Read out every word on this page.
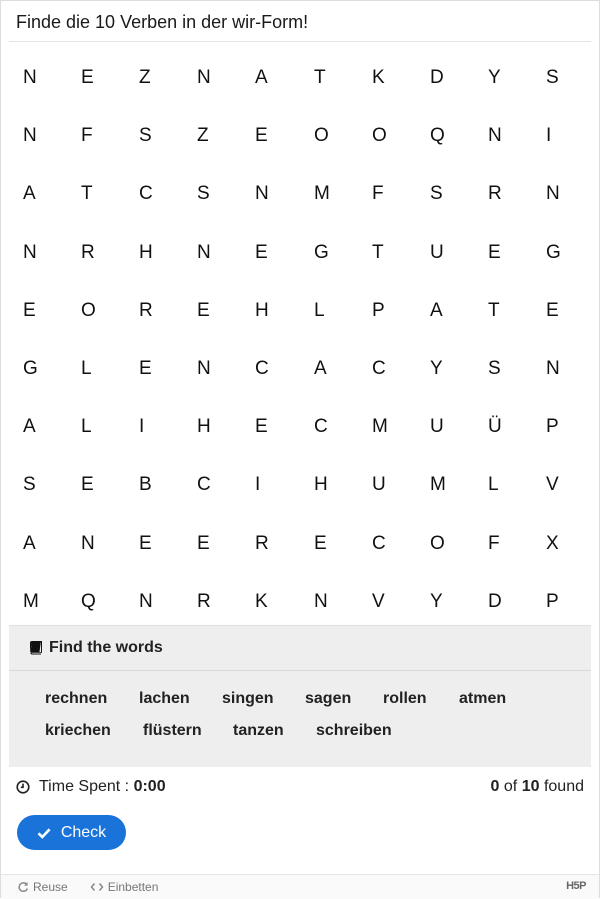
Finde die 10 Verben in der wir-Form!
N	E	Z	N	A	T	K	D	Y	S
N	F	S	Z	E	O	O	Q	N	I
A	T	C	S	N	M	F	S	R	N
N	R	H	N	E	G	T	U	E	G
E	O	R	E	H	L	P	A	T	E
G	L	E	N	C	A	C	Y	S	N
A	L	I	H	E	C	M	U	Ü	P
S	E	B	C	I	H	U	M	L	V
A	N	E	E	R	E	C	O	F	X
M	Q	N	R	K	N	V	Y	D	P
Find the words
rechnen	lachen	singen	sagen	rollen	atmen
kriechen	flüstern	tanzen	schreiben
Time Spent :
0:00	0 of 10 found
Check
Reuse	Einbetten	H5P
